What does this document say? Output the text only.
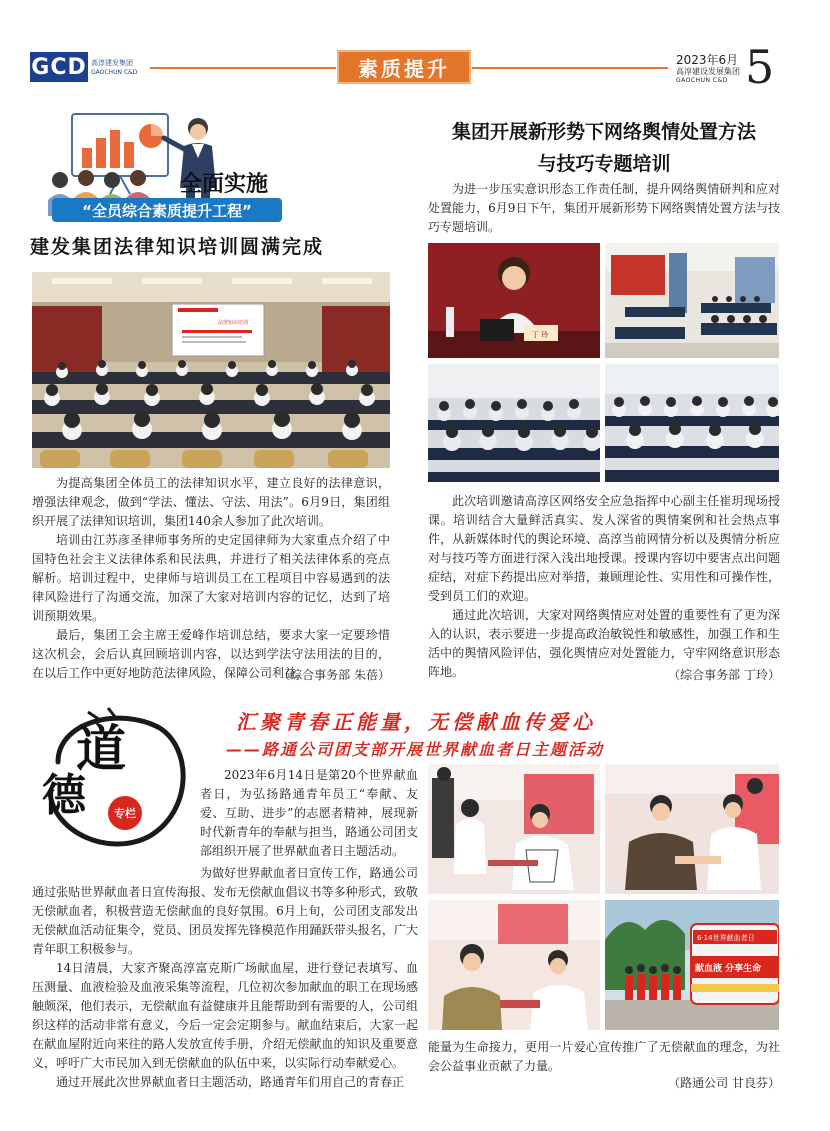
GCD 高淳建发集团
GAOCHUN C&D	素质提升	2023年6月
高淳建设发展集团
GAOCHUN C&D 5
全面实施
“全员综合素质提升工程”
建发集团法律知识培训圆满完成
法律知识培训

为提高集团全体员工的法律知识水平，建立良好的法律意识，增强法律观念，做到“学法、懂法、守法、用法”。6月9日，集团组织开展了法律知识培训，集团140余人参加了此次培训。

培训由江苏彦圣律师事务所的史定国律师为大家重点介绍了中国特色社会主义法律体系和民法典，并进行了相关法律体系的亮点解析。培训过程中，史律师与培训员工在工程项目中容易遇到的法律风险进行了沟通交流，加深了大家对培训内容的记忆，达到了培训预期效果。

最后，集团工会主席王爱峰作培训总结，要求大家一定要珍惜这次机会，会后认真回顾培训内容，以达到学法守法用法的目的，在以后工作中更好地防范法律风险，保障公司利益。

（综合事务部 朱蓓）
集团开展新形势下网络舆情处置方法
与技巧专题培训

为进一步压实意识形态工作责任制，提升网络舆情研判和应对处置能力，6月9日下午，集团开展新形势下网络舆情处置方法与技巧专题培训。

丁 玲

此次培训邀请高淳区网络安全应急指挥中心副主任崔玥现场授课。培训结合大量鲜活真实、发人深省的舆情案例和社会热点事件，从新媒体时代的舆论环境、高淳当前网情分析以及舆情分析应对与技巧等方面进行深入浅出地授课。授课内容切中要害点出问题症结，对症下药提出应对举措，兼顾理论性、实用性和可操作性，受到员工们的欢迎。

通过此次培训，大家对网络舆情应对处置的重要性有了更为深入的认识，表示要进一步提高政治敏锐性和敏感性，加强工作和生活中的舆情风险评估，强化舆情应对处置能力，守牢网络意识形态阵地。	（综合事务部 丁玲）
道
德	专栏
汇聚青春正能量，无偿献血传爱心
——路通公司团支部开展世界献血者日主题活动

2023年6月14日是第20个世界献血者日，为弘扬路通青年员工“奉献、友爱、互助、进步”的志愿者精神，展现新时代新青年的奉献与担当，路通公司团支部组织开展了世界献血者日主题活动。

为做好世界献血者日宣传工作，路通公司通过张贴世界献血者日宣传海报、发布无偿献血倡议书等多种形式，致敬无偿献血者，积极营造无偿献血的良好氛围。6月上旬，公司团支部发出无偿献血活动征集令，党员、团员发挥先锋模范作用踊跃带头报名，广大青年职工积极参与。

14日清晨，大家齐聚高淳富克斯广场献血屋，进行登记表填写、血压测量、血液检验及血液采集等流程，几位初次参加献血的职工在现场感触颇深，他们表示，无偿献血有益健康并且能帮助到有需要的人，公司组织这样的活动非常有意义，今后一定会定期参与。献血结束后，大家一起在献血屋附近向来往的路人发放宣传手册，介绍无偿献血的知识及重要意义，呼吁广大市民加入到无偿献血的队伍中来，以实际行动奉献爱心。

通过开展此次世界献血者日主题活动，路通青年们用自己的青春正

6·14世界献血者日
献血液 分享生命

能量为生命接力，更用一片爱心宣传推广了无偿献血的理念，为社会公益事业贡献了力量。

（路通公司 甘良芬）
